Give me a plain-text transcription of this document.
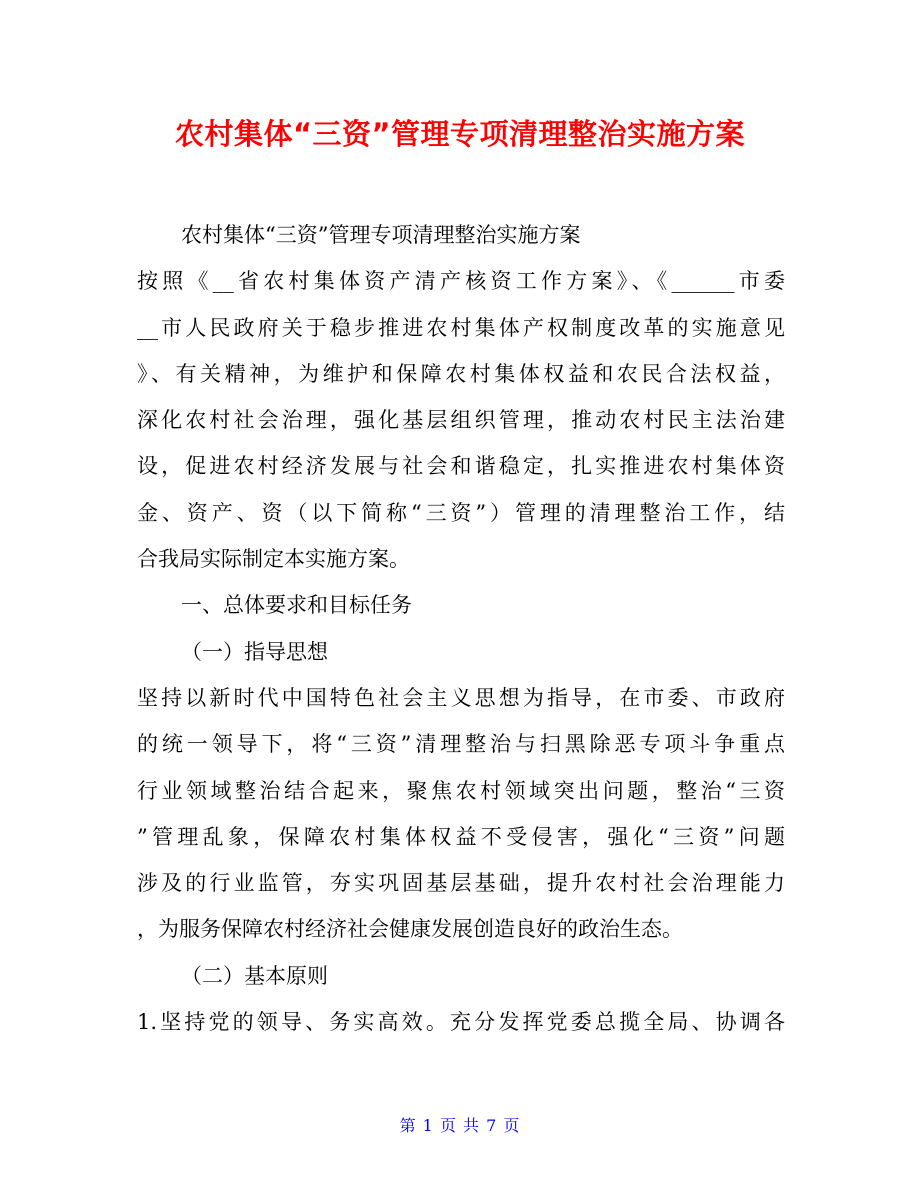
农村集体“三资”管理专项清理整治实施方案
农村集体“三资”管理专项清理整治实施方案
按照《__省农村集体资产清产核资工作方案》、《______市委
__市人民政府关于稳步推进农村集体产权制度改革的实施意见
》、有关精神，为维护和保障农村集体权益和农民合法权益，
深化农村社会治理，强化基层组织管理，推动农村民主法治建
设，促进农村经济发展与社会和谐稳定，扎实推进农村集体资
金、资产、资（以下简称“三资”）管理的清理整治工作，结
合我局实际制定本实施方案。
一、总体要求和目标任务
（一）指导思想
坚持以新时代中国特色社会主义思想为指导，在市委、市政府
的统一领导下，将“三资”清理整治与扫黑除恶专项斗争重点
行业领域整治结合起来，聚焦农村领域突出问题，整治“三资
”管理乱象，保障农村集体权益不受侵害，强化“三资”问题
涉及的行业监管，夯实巩固基层基础，提升农村社会治理能力
，为服务保障农村经济社会健康发展创造良好的政治生态。
（二）基本原则
1.坚持党的领导、务实高效。充分发挥党委总揽全局、协调各
第 1 页 共 7 页
